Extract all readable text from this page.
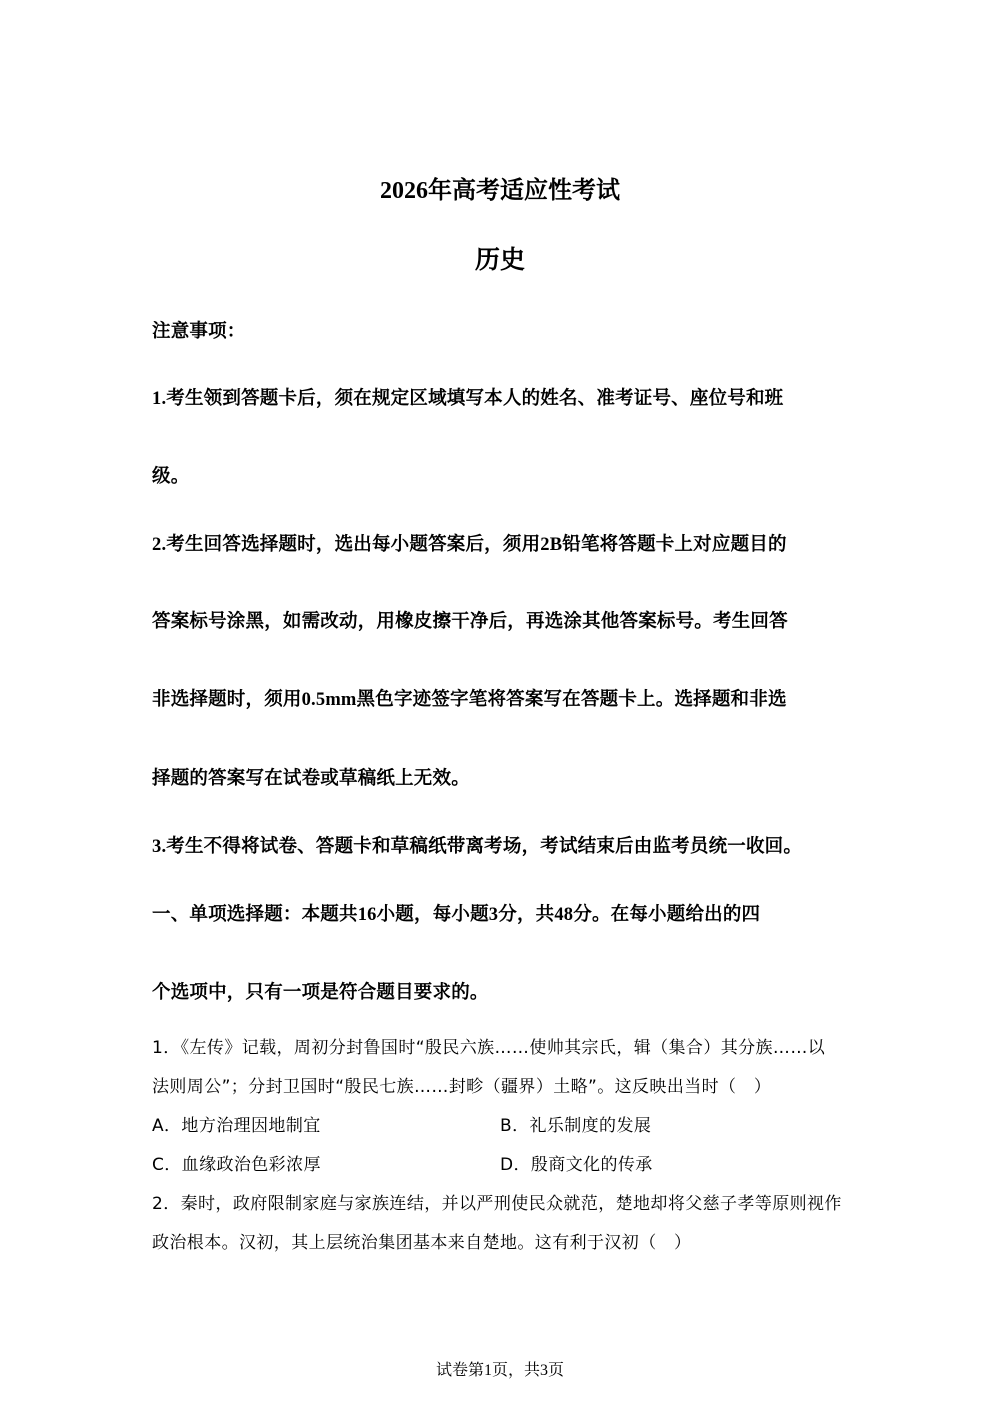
2026年高考适应性考试
历史
注意事项：
1.考生领到答题卡后，须在规定区域填写本人的姓名、准考证号、座位号和班
级。
2.考生回答选择题时，选出每小题答案后，须用2B铅笔将答题卡上对应题目的
答案标号涂黑，如需改动，用橡皮擦干净后，再选涂其他答案标号。考生回答
非选择题时，须用0.5mm黑色字迹签字笔将答案写在答题卡上。选择题和非选
择题的答案写在试卷或草稿纸上无效。
3.考生不得将试卷、答题卡和草稿纸带离考场，考试结束后由监考员统一收回。
一、单项选择题：本题共16小题，每小题3分，共48分。在每小题给出的四
个选项中，只有一项是符合题目要求的。
1．《左传》记载，周初分封鲁国时“殷民六族……使帅其宗氏，辑（集合）其分族……以
法则周公”；分封卫国时“殷民七族……封畛（疆界）土略”。这反映出当时（　）
A．地方治理因地制宜	B．礼乐制度的发展
C．血缘政治色彩浓厚	D．殷商文化的传承
2．秦时，政府限制家庭与家族连结，并以严刑使民众就范，楚地却将父慈子孝等原则视作
政治根本。汉初，其上层统治集团基本来自楚地。这有利于汉初（　）
试卷第1页，共3页
